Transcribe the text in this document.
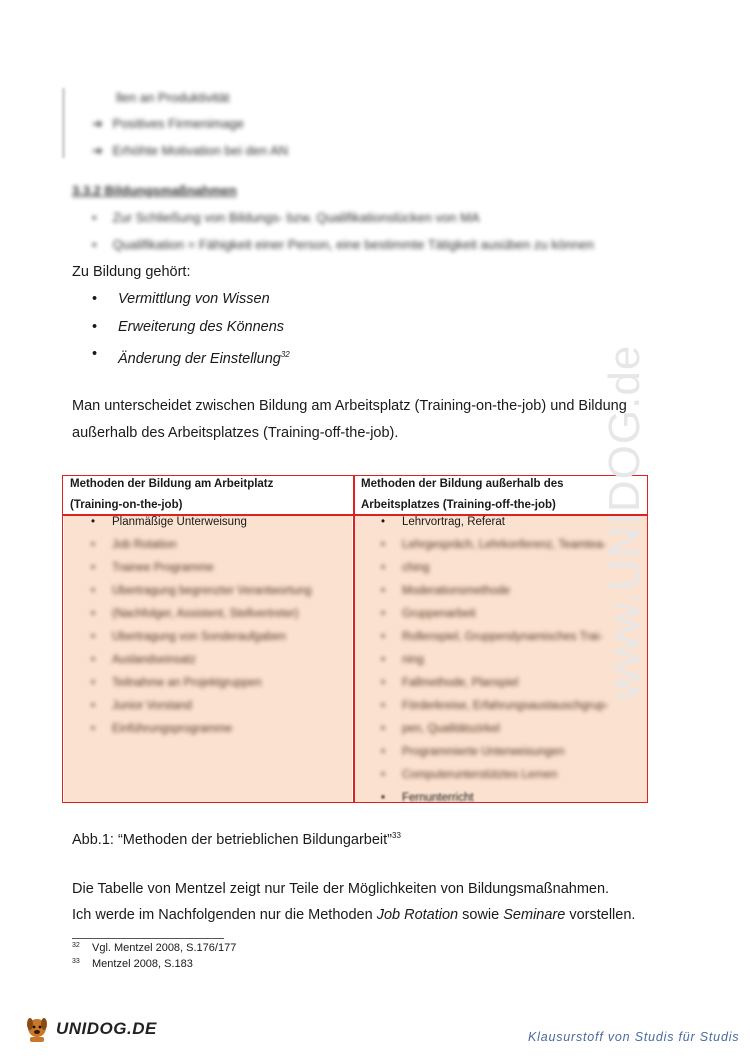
llen an Produktivität
➔ Positives Firmenimage
➔ Erhöhte Motivation bei den AN
3.3.2 Bildungsmaßnahmen
• Zur Schließung von Bildungs- bzw. Qualifikationslücken von MA
• Qualifikation = Fähigkeit einer Person, eine bestimmte Tätigkeit ausüben zu können
Zu Bildung gehört:
• Vermittlung von Wissen
• Erweiterung des Könnens
• Änderung der Einstellung$^{32}$
Man unterscheidet zwischen Bildung am Arbeitsplatz (Training-on-the-job) und Bildung außerhalb des Arbeitsplatzes (Training-off-the-job).
Methoden der Bildung am Arbeitplatz
(Training-on-the-job)
Methoden der Bildung außerhalb des
Arbeitsplatzes (Training-off-the-job)
• Planmäßige Unterweisung
• Job Rotation
• Trainee Programme
• Übertragung begrenzter Verantwortung
• (Nachfolger, Assistent, Stellvertreter)
• Übertragung von Sonderaufgaben
• Auslandseinsatz
• Teilnahme an Projektgruppen
• Junior Vorstand
• Einführungsprogramme
• Lehrvortrag, Referat
• Lehrgespräch, Lehrkonferenz, Teamtea-
• ching
• Moderationsmethode
• Gruppenarbeit
• Rollenspiel, Gruppendynamisches Trai-
• ning
• Fallmethode, Planspiel
• Förderkreise, Erfahrungsaustauschgrup-
• pen, Qualitätszirkel
• Programmierte Unterweisungen
• Computerunterstütztes Lernen
• Fernunterricht
Abb.1: “Methoden der betrieblichen Bildungarbeit”$^{33}$
Die Tabelle von Mentzel zeigt nur Teile der Möglichkeiten von Bildungsmaßnahmen.
Ich werde im Nachfolgenden nur die Methoden Job Rotation sowie Seminare vorstellen.
32 Vgl. Mentzel 2008, S.176/177
33 Mentzel 2008, S.183
www.UNIDOG.de
UNIDOG.DE	Klausurstoff von Studis für Studis
